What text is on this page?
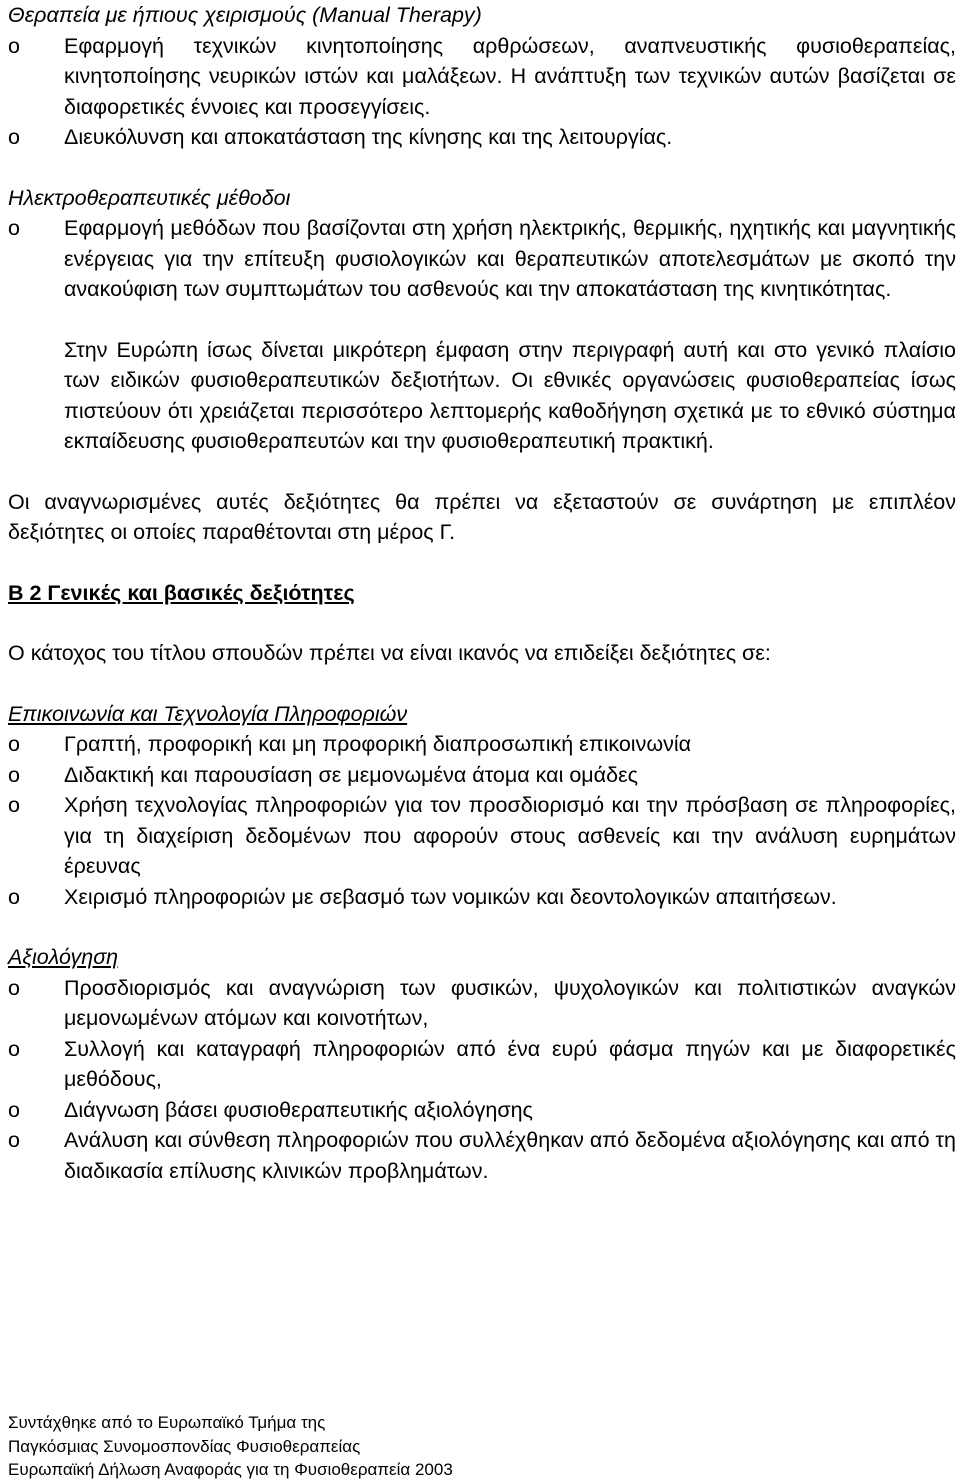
Θεραπεία με ήπιους χειρισμούς (Manual Therapy)

o Εφαρμογή τεχνικών κινητοποίησης αρθρώσεων, αναπνευστικής φυσιοθεραπείας, κινητοποίησης νευρικών ιστών και μαλάξεων. Η ανάπτυξη των τεχνικών αυτών βασίζεται σε διαφορετικές έννοιες και προσεγγίσεις.
o Διευκόλυνση και αποκατάσταση της κίνησης και της λειτουργίας.

Ηλεκτροθεραπευτικές μέθοδοι

o Εφαρμογή μεθόδων που βασίζονται στη χρήση ηλεκτρικής, θερμικής, ηχητικής και μαγνητικής ενέργειας για την επίτευξη φυσιολογικών και θεραπευτικών αποτελεσμάτων με σκοπό την ανακούφιση των συμπτωμάτων του ασθενούς και την αποκατάσταση της κινητικότητας.

Στην Ευρώπη ίσως δίνεται μικρότερη έμφαση στην περιγραφή αυτή και στο γενικό πλαίσιο των ειδικών φυσιοθεραπευτικών δεξιοτήτων. Οι εθνικές οργανώσεις φυσιοθεραπείας ίσως πιστεύουν ότι χρειάζεται περισσότερο λεπτομερής καθοδήγηση σχετικά με το εθνικό σύστημα εκπαίδευσης φυσιοθεραπευτών και την φυσιοθεραπευτική πρακτική.

Οι αναγνωρισμένες αυτές δεξιότητες θα πρέπει να εξεταστούν σε συνάρτηση με επιπλέον δεξιότητες οι οποίες παραθέτονται στη μέρος Γ.

Β 2 Γενικές και βασικές δεξιότητες

Ο κάτοχος του τίτλου σπουδών πρέπει να είναι ικανός να επιδείξει δεξιότητες σε:

Επικοινωνία και Τεχνολογία Πληροφοριών

o Γραπτή, προφορική και μη προφορική διαπροσωπική επικοινωνία
o Διδακτική και παρουσίαση σε μεμονωμένα άτομα και ομάδες
o Χρήση τεχνολογίας πληροφοριών για τον προσδιορισμό και την πρόσβαση σε πληροφορίες, για τη διαχείριση δεδομένων που αφορούν στους ασθενείς και την ανάλυση ευρημάτων έρευνας
o Χειρισμό πληροφοριών με σεβασμό των νομικών και δεοντολογικών απαιτήσεων.

Αξιολόγηση

o Προσδιορισμός και αναγνώριση των φυσικών, ψυχολογικών και πολιτιστικών αναγκών μεμονωμένων ατόμων και κοινοτήτων,
o Συλλογή και καταγραφή πληροφοριών από ένα ευρύ φάσμα πηγών και με διαφορετικές μεθόδους,
o Διάγνωση βάσει φυσιοθεραπευτικής αξιολόγησης
o Ανάλυση και σύνθεση πληροφοριών που συλλέχθηκαν από δεδομένα αξιολόγησης και από τη διαδικασία επίλυσης κλινικών προβλημάτων.
Συντάχθηκε από το Ευρωπαϊκό Τμήμα της
Παγκόσμιας Συνομοσπονδίας Φυσιοθεραπείας
Ευρωπαϊκή Δήλωση Αναφοράς για τη Φυσιοθεραπεία 2003
